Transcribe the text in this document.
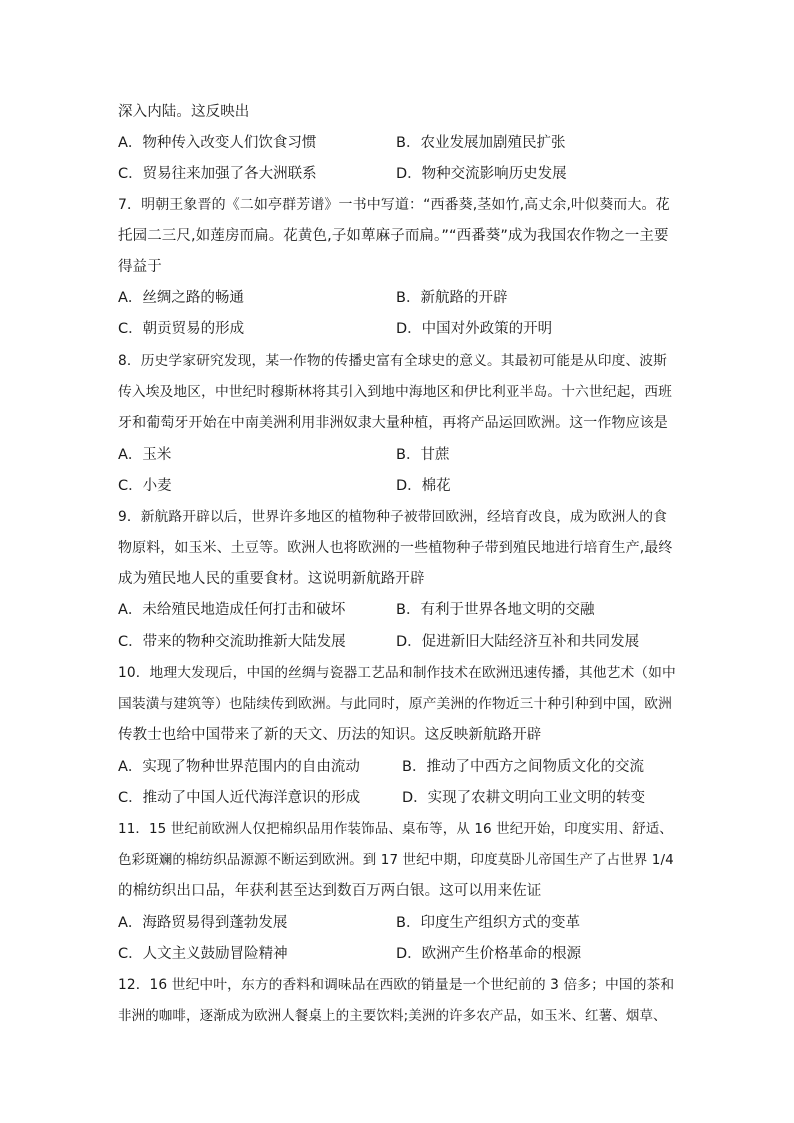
深入内陆。这反映出
A．物种传入改变人们饮食习惯	B．农业发展加剧殖民扩张
C．贸易往来加强了各大洲联系	D．物种交流影响历史发展
7．明朝王象晋的《二如亭群芳谱》一书中写道：“西番葵,茎如竹,高丈余,叶似葵而大。花
托园二三尺,如莲房而扁。花黄色,子如萆麻子而扁。”“西番葵”成为我国农作物之一主要
得益于
A．丝绸之路的畅通	B．新航路的开辟
C．朝贡贸易的形成	D．中国对外政策的开明
8．历史学家研究发现，某一作物的传播史富有全球史的意义。其最初可能是从印度、波斯
传入埃及地区，中世纪时穆斯林将其引入到地中海地区和伊比利亚半岛。十六世纪起，西班
牙和葡萄牙开始在中南美洲利用非洲奴隶大量种植，再将产品运回欧洲。这一作物应该是
A．玉米	B．甘蔗
C．小麦	D．棉花
9．新航路开辟以后，世界许多地区的植物种子被带回欧洲，经培育改良，成为欧洲人的食
物原料，如玉米、土豆等。欧洲人也将欧洲的一些植物种子带到殖民地进行培育生产,最终
成为殖民地人民的重要食材。这说明新航路开辟
A．未给殖民地造成任何打击和破坏	B．有利于世界各地文明的交融
C．带来的物种交流助推新大陆发展	D．促进新旧大陆经济互补和共同发展
10．地理大发现后，中国的丝绸与瓷器工艺品和制作技术在欧洲迅速传播，其他艺术（如中
国装潢与建筑等）也陆续传到欧洲。与此同时，原产美洲的作物近三十种引种到中国，欧洲
传教士也给中国带来了新的天文、历法的知识。这反映新航路开辟
A．实现了物种世界范围内的自由流动	B．推动了中西方之间物质文化的交流
C．推动了中国人近代海洋意识的形成	D．实现了农耕文明向工业文明的转变
11．15 世纪前欧洲人仅把棉织品用作装饰品、桌布等，从 16 世纪开始，印度实用、舒适、
色彩斑斓的棉纺织品源源不断运到欧洲。到 17 世纪中期，印度莫卧儿帝国生产了占世界 1/4
的棉纺织出口品，年获利甚至达到数百万两白银。这可以用来佐证
A．海路贸易得到蓬勃发展	B．印度生产组织方式的变革
C．人文主义鼓励冒险精神	D．欧洲产生价格革命的根源
12．16 世纪中叶，东方的香料和调味品在西欧的销量是一个世纪前的 3 倍多；中国的茶和
非洲的咖啡，逐渐成为欧洲人餐桌上的主要饮料;美洲的许多农产品，如玉米、红薯、烟草、
